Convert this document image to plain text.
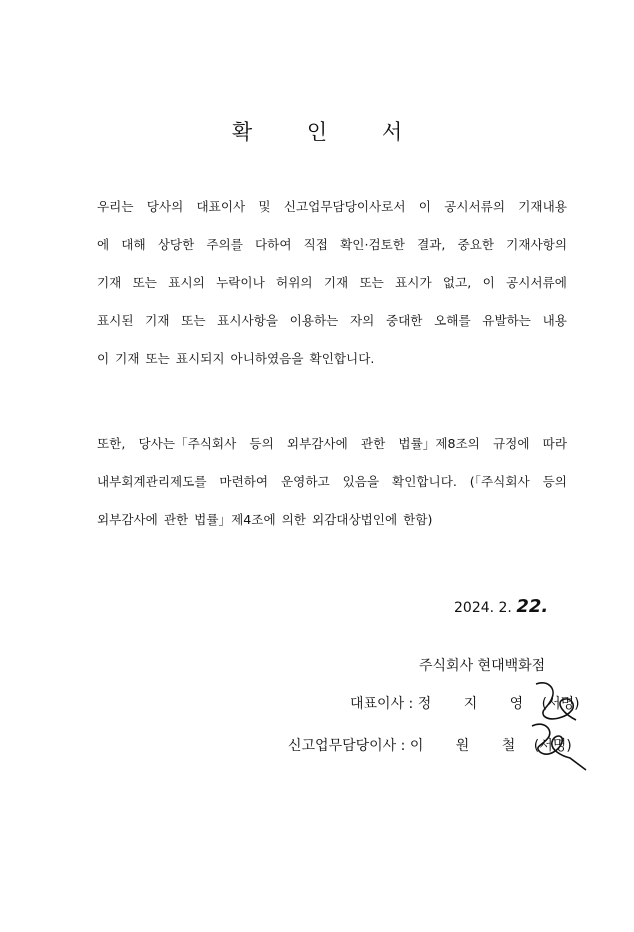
확 인 서
우리는 당사의 대표이사 및 신고업무담당이사로서 이 공시서류의 기재내용
에 대해 상당한 주의를 다하여 직접 확인·검토한 결과, 중요한 기재사항의
기재 또는 표시의 누락이나 허위의 기재 또는 표시가 없고, 이 공시서류에
표시된 기재 또는 표시사항을 이용하는 자의 중대한 오해를 유발하는 내용
이 기재 또는 표시되지 아니하였음을 확인합니다.
또한, 당사는「주식회사 등의 외부감사에 관한 법률」제8조의 규정에 따라
내부회계관리제도를 마련하여 운영하고 있음을 확인합니다. (「주식회사 등의
외부감사에 관한 법률」제4조에 의한 외감대상법인에 한함)
2024. 2. 22.
주식회사 현대백화점
대표이사 : 정 지 영 (서명)
신고업무담당이사 : 이 원 철 (서명)
